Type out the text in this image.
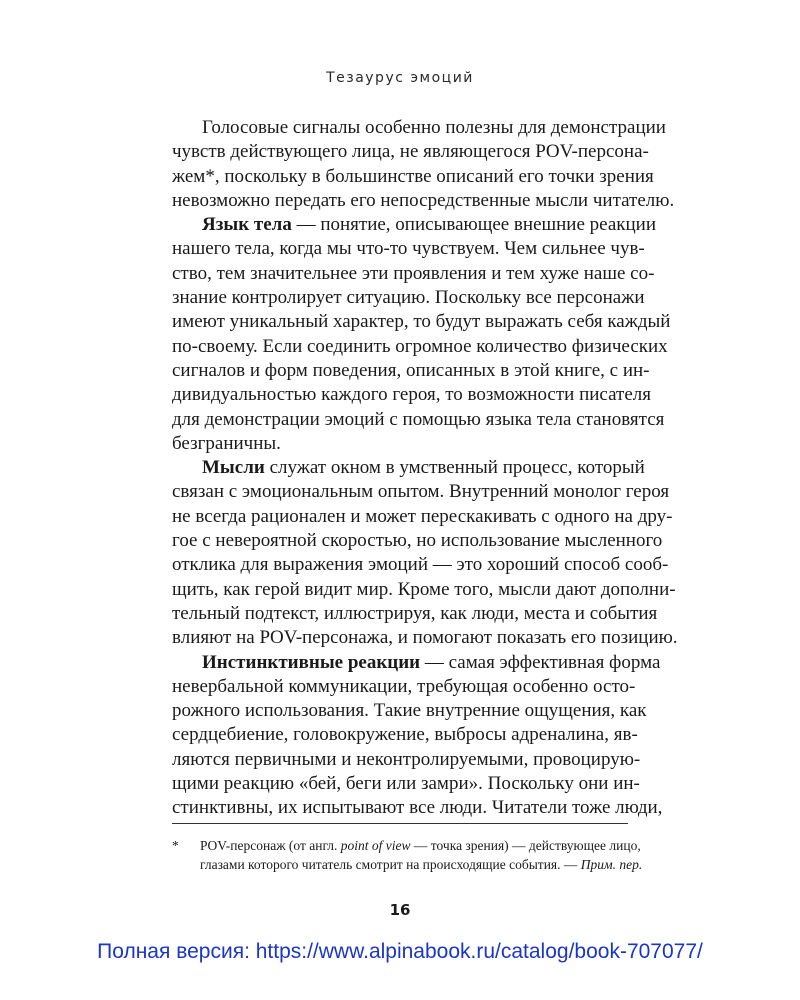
Тезаурус эмоций
Голосовые сигналы особенно полезны для демонстрации
чувств действующего лица, не являющегося POV-персона-
жем*, поскольку в большинстве описаний его точки зрения
невозможно передать его непосредственные мысли читателю.
Язык тела — понятие, описывающее внешние реакции
нашего тела, когда мы что-то чувствуем. Чем сильнее чув-
ство, тем значительнее эти проявления и тем хуже наше со-
знание контролирует ситуацию. Поскольку все персонажи
имеют уникальный характер, то будут выражать себя каждый
по-своему. Если соединить огромное количество физических
сигналов и форм поведения, описанных в этой книге, с ин-
дивидуальностью каждого героя, то возможности писателя
для демонстрации эмоций с помощью языка тела становятся
безграничны.
Мысли служат окном в умственный процесс, который
связан с эмоциональным опытом. Внутренний монолог героя
не всегда рационален и может перескакивать с одного на дру-
гое с невероятной скоростью, но использование мысленного
отклика для выражения эмоций — это хороший способ сооб-
щить, как герой видит мир. Кроме того, мысли дают дополни-
тельный подтекст, иллюстрируя, как люди, места и события
влияют на POV-персонажа, и помогают показать его позицию.
Инстинктивные реакции — самая эффективная форма
невербальной коммуникации, требующая особенно осто-
рожного использования. Такие внутренние ощущения, как
сердцебиение, головокружение, выбросы адреналина, яв-
ляются первичными и неконтролируемыми, провоцирую-
щими реакцию «бей, беги или замри». Поскольку они ин-
стинктивны, их испытывают все люди. Читатели тоже люди,
*	POV-персонаж (от англ. point of view — точка зрения) — действующее лицо,
глазами которого читатель смотрит на происходящие события. — Прим. пер.
16
Полная версия: https://www.alpinabook.ru/catalog/book-707077/
